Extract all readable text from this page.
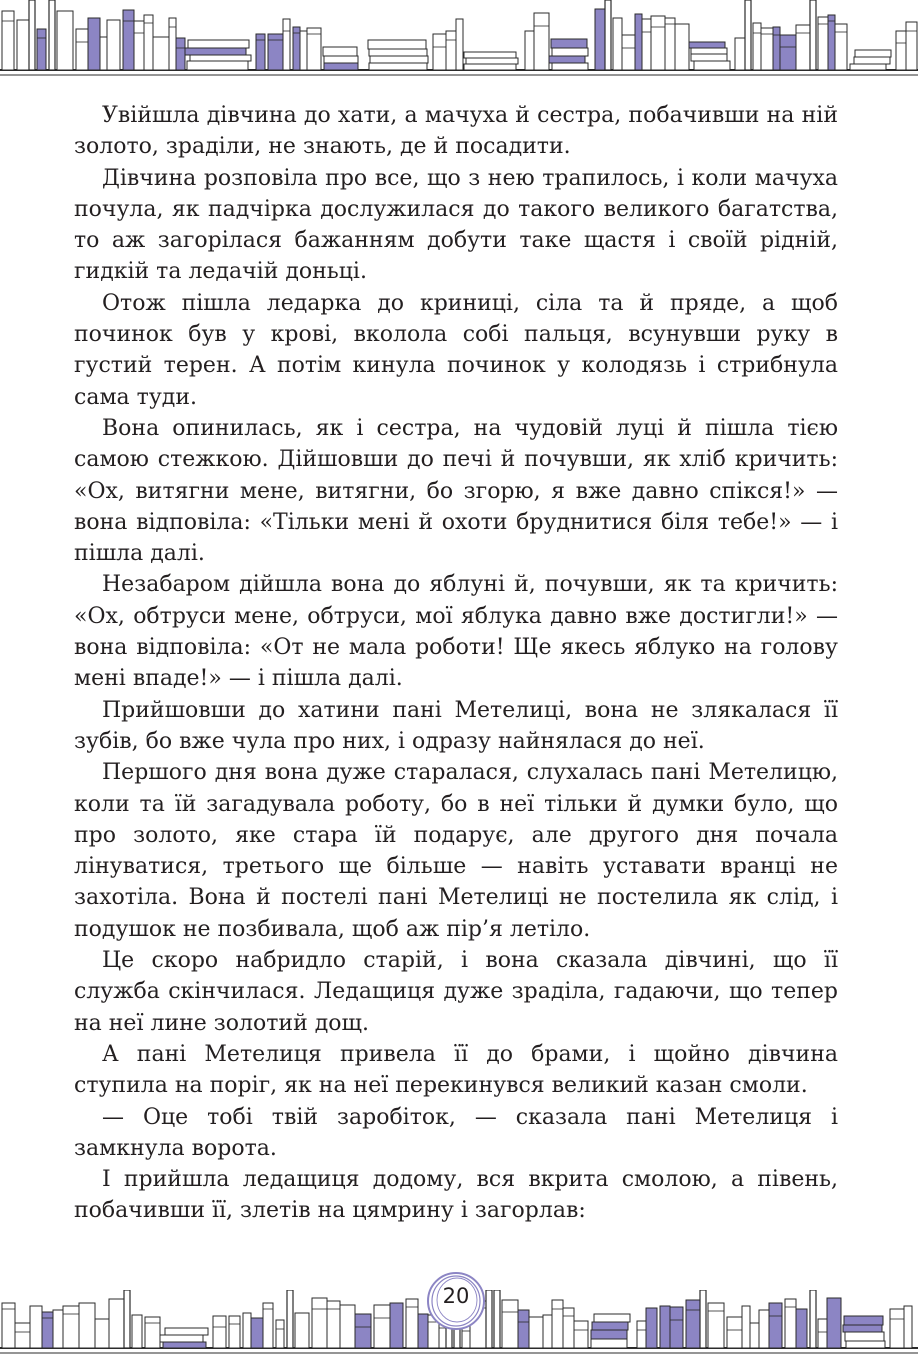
Увійшла дівчина до хати, а мачуха й сестра, побачивши на ній золото, зраділи, не знають, де й посадити.

Дівчина розповіла про все, що з нею трапилось, і коли мачуха почула, як падчірка дослужилася до такого великого багатства, то аж загорілася бажанням добути таке щастя і своїй рідній, гидкій та ледачій доньці.

Отож пішла ледарка до криниці, сіла та й пряде, а щоб починок був у крові, вколола собі пальця, всунувши руку в густий терен. А потім кинула починок у колодязь і стрибнула сама туди.

Вона опинилась, як і сестра, на чудовій луці й пішла тією самою стежкою. Дійшовши до печі й почувши, як хліб кричить: «Ох, витягни мене, витягни, бо згорю, я вже давно спікся!» — вона відповіла: «Тільки мені й охоти бруднитися біля тебе!» — і пішла далі.

Незабаром дійшла вона до яблуні й, почувши, як та кричить: «Ох, обтруси мене, обтруси, мої яблука давно вже достигли!» — вона відповіла: «От не мала роботи! Ще якесь яблуко на голову мені впаде!» — і пішла далі.

Прийшовши до хатини пані Метелиці, вона не злякалася її зубів, бо вже чула про них, і одразу найнялася до неї.

Першого дня вона дуже старалася, слухалась пані Метелицю, коли та їй загадувала роботу, бо в неї тільки й думки було, що про золото, яке стара їй подарує, але другого дня почала лінуватися, третього ще більше — навіть уставати вранці не захотіла. Вона й постелі пані Метелиці не постелила як слід, і подушок не позбивала, щоб аж пір’я летіло.

Це скоро набридло старій, і вона сказала дівчині, що її служба скінчилася. Ледащиця дуже зраділа, гадаючи, що тепер на неї лине золотий дощ.

А пані Метелиця привела її до брами, і щойно дівчина ступила на поріг, як на неї перекинувся великий казан смоли.

— Оце тобі твій заробіток, — сказала пані Метелиця і замкнула ворота.

І прийшла ледащиця додому, вся вкрита смолою, а півень, побачивши її, злетів на цямрину і загорлав:

20
